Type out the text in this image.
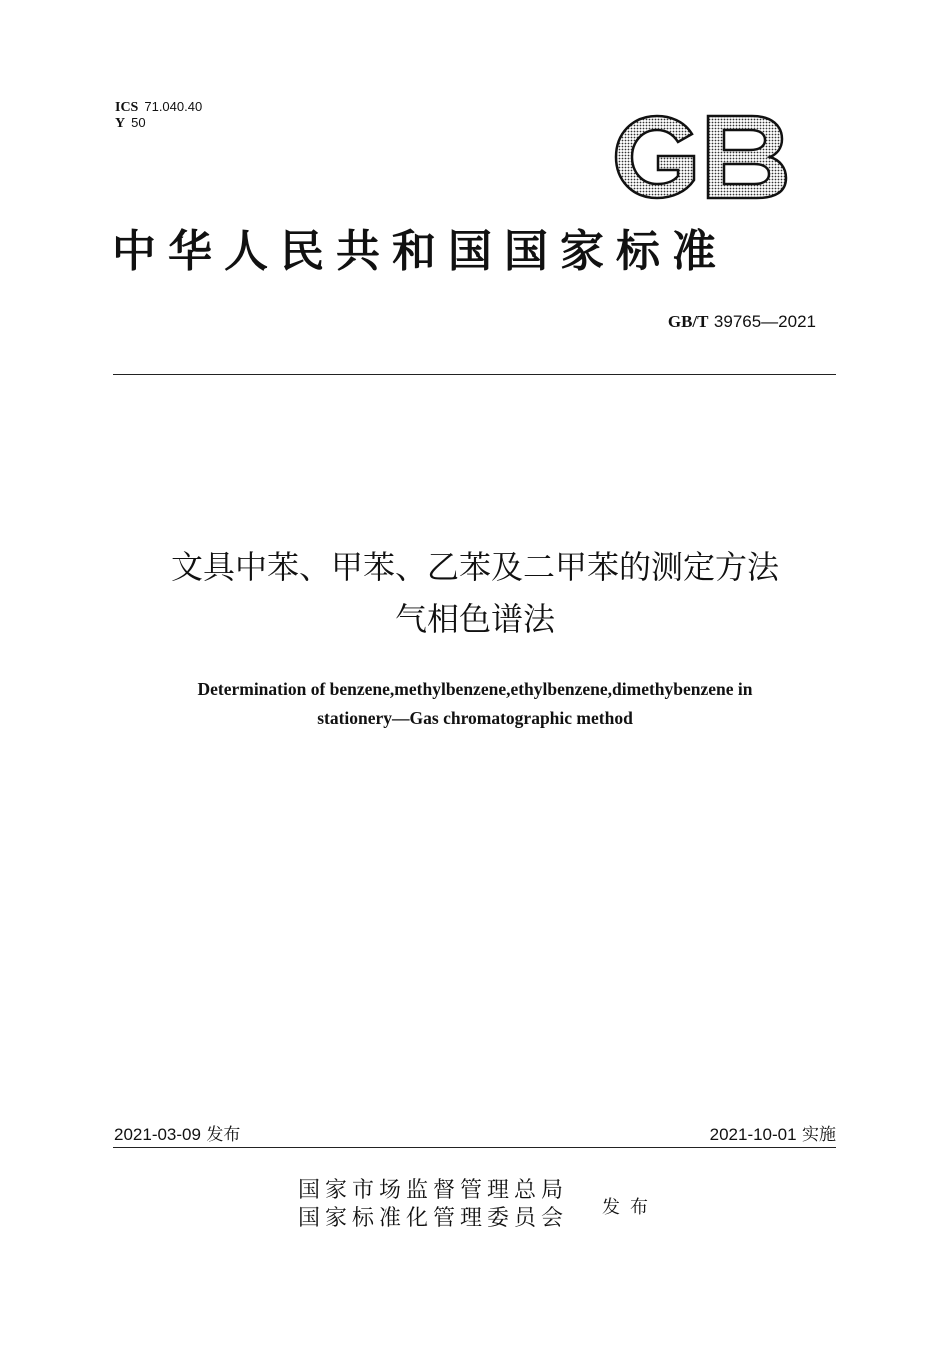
ICS 71.040.40
Y 50
中华人民共和国国家标准
GB/T 39765—2021
文具中苯、甲苯、乙苯及二甲苯的测定方法
气相色谱法
Determination of benzene,methylbenzene,ethylbenzene,dimethybenzene in
stationery—Gas chromatographic method
2021-03-09 发布	2021-10-01 实施
国家市场监督管理总局
国家标准化管理委员会 发布
